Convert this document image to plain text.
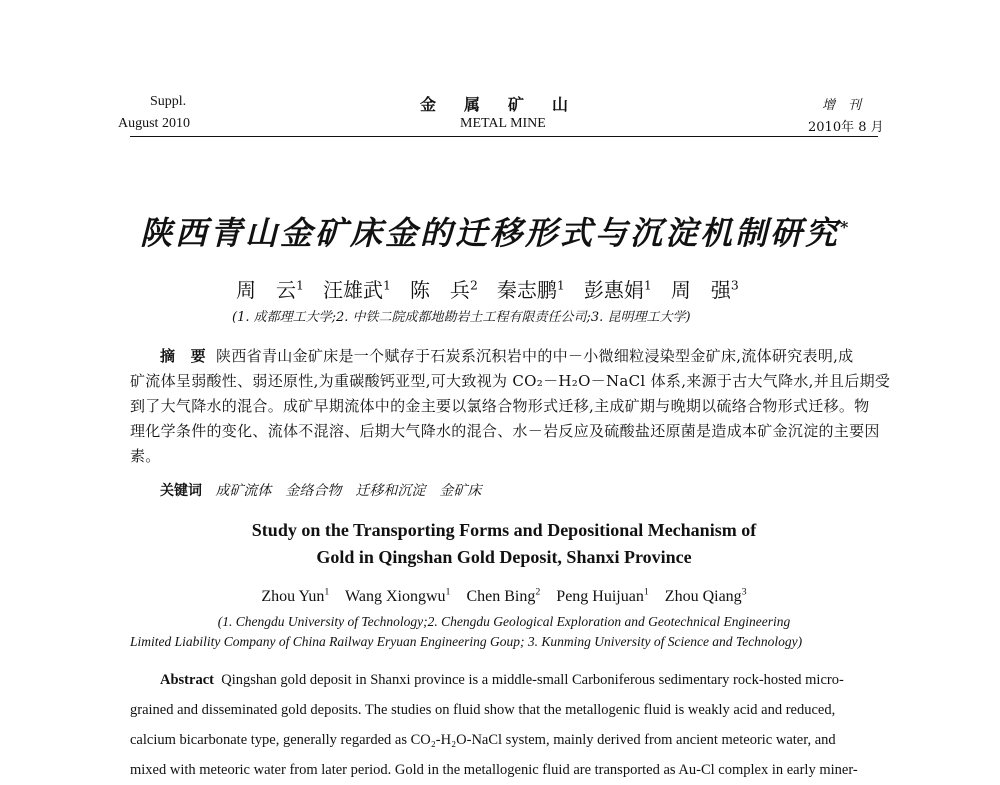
Suppl.
August 2010
金　属　矿　山
METAL MINE
增　刊
2010年 8 月
陕西青山金矿床金的迁移形式与沉淀机制研究*
周　云$^1$ 汪雄武$^1$ 陈　兵$^2$ 秦志鹏$^1$ 彭惠娟$^1$ 周　强$^3$
(1. 成都理工大学;2. 中铁二院成都地勘岩土工程有限责任公司;3. 昆明理工大学)
摘　要 陕西省青山金矿床是一个赋存于石炭系沉积岩中的中－小微细粒浸染型金矿床,流体研究表明,成
矿流体呈弱酸性、弱还原性,为重碳酸钙亚型,可大致视为 CO₂－H₂O－NaCl 体系,来源于古大气降水,并且后期受
到了大气降水的混合。成矿早期流体中的金主要以氯络合物形式迁移,主成矿期与晚期以硫络合物形式迁移。物
理化学条件的变化、流体不混溶、后期大气降水的混合、水－岩反应及硫酸盐还原菌是造成本矿金沉淀的主要因
素。
关键词 成矿流体　金络合物　迁移和沉淀　金矿床
Study on the Transporting Forms and Depositional Mechanism of
Gold in Qingshan Gold Deposit, Shanxi Province
Zhou Yun$^1$ Wang Xiongwu$^1$ Chen Bing$^2$ Peng Huijuan$^1$ Zhou Qiang$^3$
(1. Chengdu University of Technology;2. Chengdu Geological Exploration and Geotechnical Engineering
Limited Liability Company of China Railway Eryuan Engineering Goup; 3. Kunming University of Science and Technology)
Abstract Qingshan gold deposit in Shanxi province is a middle-small Carboniferous sedimentary rock-hosted micro-
grained and disseminated gold deposits. The studies on fluid show that the metallogenic fluid is weakly acid and reduced,
calcium bicarbonate type, generally regarded as CO₂-H₂O-NaCl system, mainly derived from ancient meteoric water, and
mixed with meteoric water from later period. Gold in the metallogenic fluid are transported as Au-Cl complex in early miner-
